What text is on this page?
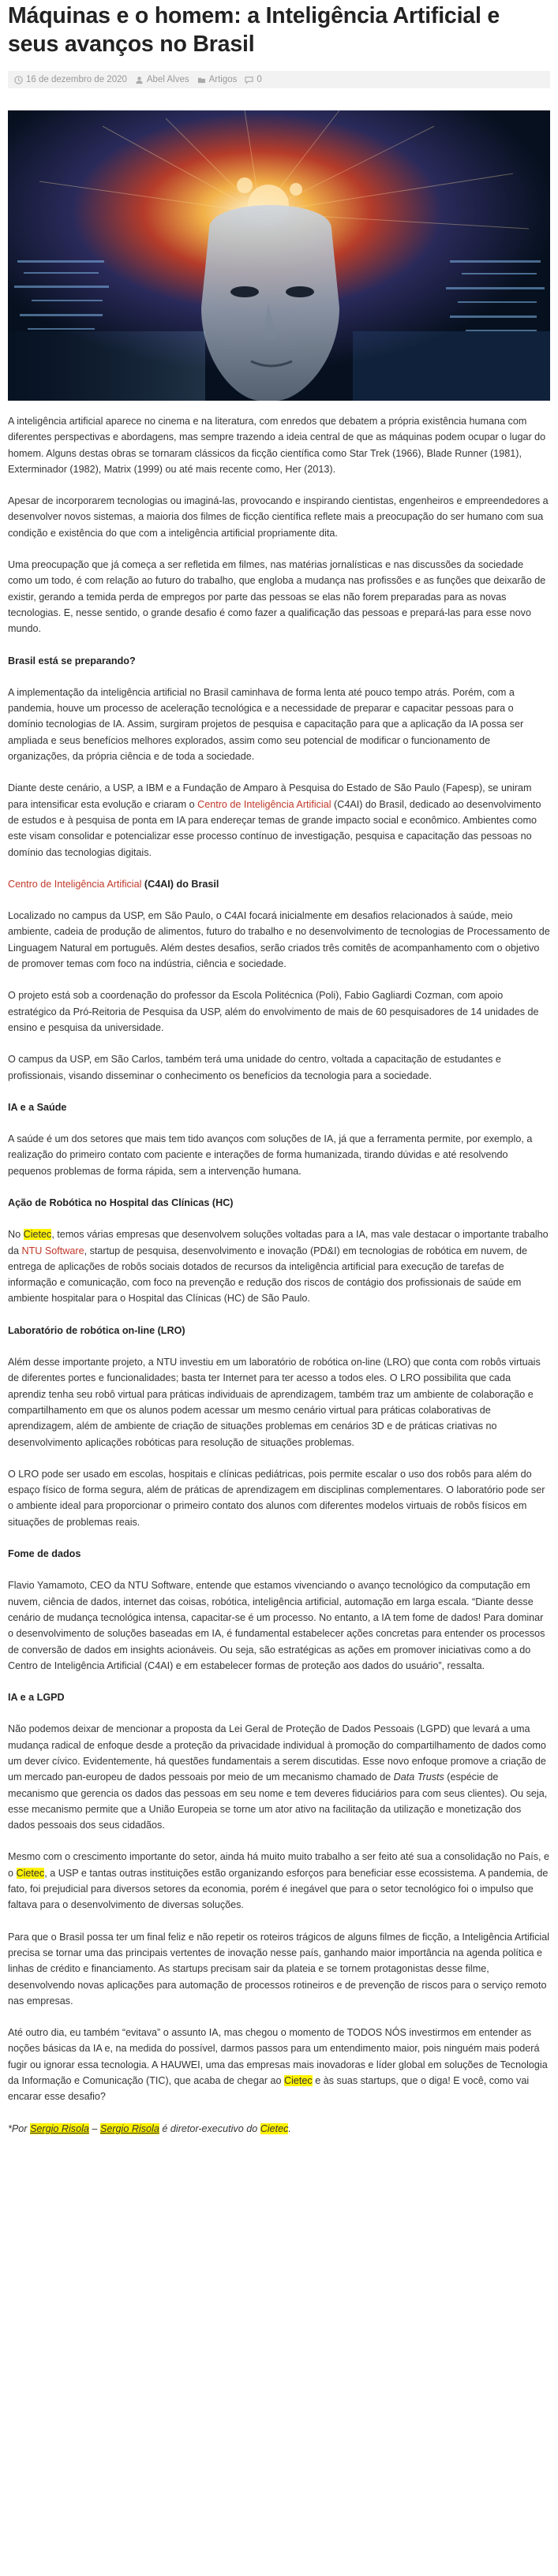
Máquinas e o homem: a Inteligência Artificial e seus avanços no Brasil
16 de dezembro de 2020 Abel Alves Artigos 0

A inteligência artificial aparece no cinema e na literatura, com enredos que debatem a própria existência humana com diferentes perspectivas e abordagens, mas sempre trazendo a ideia central de que as máquinas podem ocupar o lugar do homem. Alguns destas obras se tornaram clássicos da ficção científica como Star Trek (1966), Blade Runner (1981), Exterminador (1982), Matrix (1999) ou até mais recente como, Her (2013).

Apesar de incorporarem tecnologias ou imaginá-las, provocando e inspirando cientistas, engenheiros e empreendedores a desenvolver novos sistemas, a maioria dos filmes de ficção científica reflete mais a preocupação do ser humano com sua condição e existência do que com a inteligência artificial propriamente dita.

Uma preocupação que já começa a ser refletida em filmes, nas matérias jornalísticas e nas discussões da sociedade como um todo, é com relação ao futuro do trabalho, que engloba a mudança nas profissões e as funções que deixarão de existir, gerando a temida perda de empregos por parte das pessoas se elas não forem preparadas para as novas tecnologias. E, nesse sentido, o grande desafio é como fazer a qualificação das pessoas e prepará-las para esse novo mundo.

Brasil está se preparando?

A implementação da inteligência artificial no Brasil caminhava de forma lenta até pouco tempo atrás. Porém, com a pandemia, houve um processo de aceleração tecnológica e a necessidade de preparar e capacitar pessoas para o domínio tecnologias de IA. Assim, surgiram projetos de pesquisa e capacitação para que a aplicação da IA possa ser ampliada e seus benefícios melhores explorados, assim como seu potencial de modificar o funcionamento de organizações, da própria ciência e de toda a sociedade.

Diante deste cenário, a USP, a IBM e a Fundação de Amparo à Pesquisa do Estado de São Paulo (Fapesp), se uniram para intensificar esta evolução e criaram o Centro de Inteligência Artificial (C4AI) do Brasil, dedicado ao desenvolvimento de estudos e à pesquisa de ponta em IA para endereçar temas de grande impacto social e econômico. Ambientes como este visam consolidar e potencializar esse processo contínuo de investigação, pesquisa e capacitação das pessoas no domínio das tecnologias digitais.

Centro de Inteligência Artificial (C4AI) do Brasil

Localizado no campus da USP, em São Paulo, o C4AI focará inicialmente em desafios relacionados à saúde, meio ambiente, cadeia de produção de alimentos, futuro do trabalho e no desenvolvimento de tecnologias de Processamento de Linguagem Natural em português. Além destes desafios, serão criados três comitês de acompanhamento com o objetivo de promover temas com foco na indústria, ciência e sociedade.

O projeto está sob a coordenação do professor da Escola Politécnica (Poli), Fabio Gagliardi Cozman, com apoio estratégico da Pró-Reitoria de Pesquisa da USP, além do envolvimento de mais de 60 pesquisadores de 14 unidades de ensino e pesquisa da universidade.

O campus da USP, em São Carlos, também terá uma unidade do centro, voltada a capacitação de estudantes e profissionais, visando disseminar o conhecimento os benefícios da tecnologia para a sociedade.

IA e a Saúde

A saúde é um dos setores que mais tem tido avanços com soluções de IA, já que a ferramenta permite, por exemplo, a realização do primeiro contato com paciente e interações de forma humanizada, tirando dúvidas e até resolvendo pequenos problemas de forma rápida, sem a intervenção humana.

Ação de Robótica no Hospital das Clínicas (HC)

No Cietec, temos várias empresas que desenvolvem soluções voltadas para a IA, mas vale destacar o importante trabalho da NTU Software, startup de pesquisa, desenvolvimento e inovação (PD&I) em tecnologias de robótica em nuvem, de entrega de aplicações de robôs sociais dotados de recursos da inteligência artificial para execução de tarefas de informação e comunicação, com foco na prevenção e redução dos riscos de contágio dos profissionais de saúde em ambiente hospitalar para o Hospital das Clínicas (HC) de São Paulo.

Laboratório de robótica on-line (LRO)

Além desse importante projeto, a NTU investiu em um laboratório de robótica on-line (LRO) que conta com robôs virtuais de diferentes portes e funcionalidades; basta ter Internet para ter acesso a todos eles. O LRO possibilita que cada aprendiz tenha seu robô virtual para práticas individuais de aprendizagem, também traz um ambiente de colaboração e compartilhamento em que os alunos podem acessar um mesmo cenário virtual para práticas colaborativas de aprendizagem, além de ambiente de criação de situações problemas em cenários 3D e de práticas criativas no desenvolvimento aplicações robóticas para resolução de situações problemas.

O LRO pode ser usado em escolas, hospitais e clínicas pediátricas, pois permite escalar o uso dos robôs para além do espaço físico de forma segura, além de práticas de aprendizagem em disciplinas complementares. O laboratório pode ser o ambiente ideal para proporcionar o primeiro contato dos alunos com diferentes modelos virtuais de robôs físicos em situações de problemas reais.

Fome de dados

Flavio Yamamoto, CEO da NTU Software, entende que estamos vivenciando o avanço tecnológico da computação em nuvem, ciência de dados, internet das coisas, robótica, inteligência artificial, automação em larga escala. “Diante desse cenário de mudança tecnológica intensa, capacitar-se é um processo. No entanto, a IA tem fome de dados! Para dominar o desenvolvimento de soluções baseadas em IA, é fundamental estabelecer ações concretas para entender os processos de conversão de dados em insights acionáveis. Ou seja, são estratégicas as ações em promover iniciativas como a do Centro de Inteligência Artificial (C4AI) e em estabelecer formas de proteção aos dados do usuário”, ressalta.

IA e a LGPD

Não podemos deixar de mencionar a proposta da Lei Geral de Proteção de Dados Pessoais (LGPD) que levará a uma mudança radical de enfoque desde a proteção da privacidade individual à promoção do compartilhamento de dados como um dever cívico. Evidentemente, há questões fundamentais a serem discutidas. Esse novo enfoque promove a criação de um mercado pan-europeu de dados pessoais por meio de um mecanismo chamado de Data Trusts (espécie de mecanismo que gerencia os dados das pessoas em seu nome e tem deveres fiduciários para com seus clientes). Ou seja, esse mecanismo permite que a União Europeia se torne um ator ativo na facilitação da utilização e monetização dos dados pessoais dos seus cidadãos.

Mesmo com o crescimento importante do setor, ainda há muito muito trabalho a ser feito até sua a consolidação no País, e o Cietec, a USP e tantas outras instituições estão organizando esforços para beneficiar esse ecossistema. A pandemia, de fato, foi prejudicial para diversos setores da economia, porém é inegável que para o setor tecnológico foi o impulso que faltava para o desenvolvimento de diversas soluções.

Para que o Brasil possa ter um final feliz e não repetir os roteiros trágicos de alguns filmes de ficção, a Inteligência Artificial precisa se tornar uma das principais vertentes de inovação nesse país, ganhando maior importância na agenda política e linhas de crédito e financiamento. As startups precisam sair da plateia e se tornem protagonistas desse filme, desenvolvendo novas aplicações para automação de processos rotineiros e de prevenção de riscos para o serviço remoto nas empresas.

Até outro dia, eu também “evitava” o assunto IA, mas chegou o momento de TODOS NÓS investirmos em entender as noções básicas da IA e, na medida do possível, darmos passos para um entendimento maior, pois ninguém mais poderá fugir ou ignorar essa tecnologia. A HAUWEI, uma das empresas mais inovadoras e líder global em soluções de Tecnologia da Informação e Comunicação (TIC), que acaba de chegar ao Cietec e às suas startups, que o diga! E você, como vai encarar esse desafio?

*Por Sergio Risola – Sergio Risola é diretor-executivo do Cietec.
